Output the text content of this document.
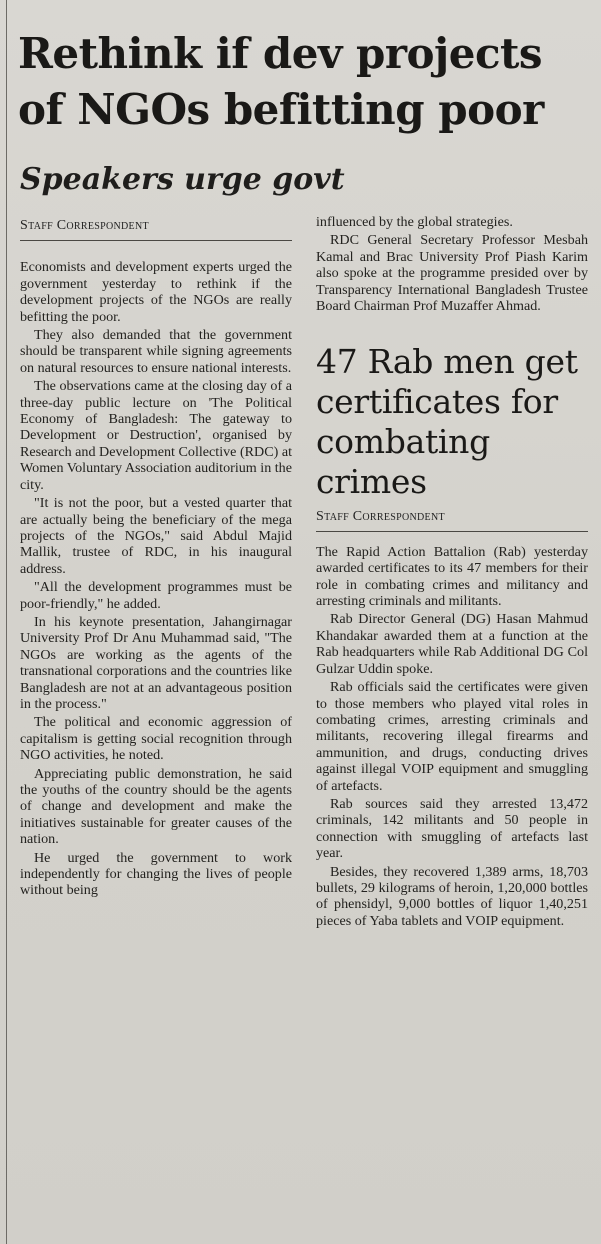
Rethink if dev projects of NGOs befitting poor
Speakers urge govt
Staff Correspondent

Economists and development experts urged the government yesterday to rethink if the development projects of the NGOs are really befitting the poor.

They also demanded that the government should be transparent while signing agreements on natural resources to ensure national interests.

The observations came at the closing day of a three-day public lecture on 'The Political Economy of Bangladesh: The gateway to Development or Destruction', organised by Research and Development Collective (RDC) at Women Voluntary Association auditorium in the city.

"It is not the poor, but a vested quarter that are actually being the beneficiary of the mega projects of the NGOs," said Abdul Majid Mallik, trustee of RDC, in his inaugural address.

"All the development programmes must be poor-friendly," he added.

In his keynote presentation, Jahangirnagar University Prof Dr Anu Muhammad said, "The NGOs are working as the agents of the transnational corporations and the countries like Bangladesh are not at an advantageous position in the process."

The political and economic aggression of capitalism is getting social recognition through NGO activities, he noted.

Appreciating public demonstration, he said the youths of the country should be the agents of change and development and make the initiatives sustainable for greater causes of the nation.

He urged the government to work independently for changing the lives of people without being

influenced by the global strategies.

RDC General Secretary Professor Mesbah Kamal and Brac University Prof Piash Karim also spoke at the programme presided over by Transparency International Bangladesh Trustee Board Chairman Prof Muzaffer Ahmad.

47 Rab men get certificates for combating crimes
Staff Correspondent

The Rapid Action Battalion (Rab) yesterday awarded certificates to its 47 members for their role in combating crimes and militancy and arresting criminals and militants.

Rab Director General (DG) Hasan Mahmud Khandakar awarded them at a function at the Rab headquarters while Rab Additional DG Col Gulzar Uddin spoke.

Rab officials said the certificates were given to those members who played vital roles in combating crimes, arresting criminals and militants, recovering illegal firearms and ammunition, and drugs, conducting drives against illegal VOIP equipment and smuggling of artefacts.

Rab sources said they arrested 13,472 criminals, 142 militants and 50 people in connection with smuggling of artefacts last year.

Besides, they recovered 1,389 arms, 18,703 bullets, 29 kilograms of heroin, 1,20,000 bottles of phensidyl, 9,000 bottles of liquor 1,40,251 pieces of Yaba tablets and VOIP equipment.
